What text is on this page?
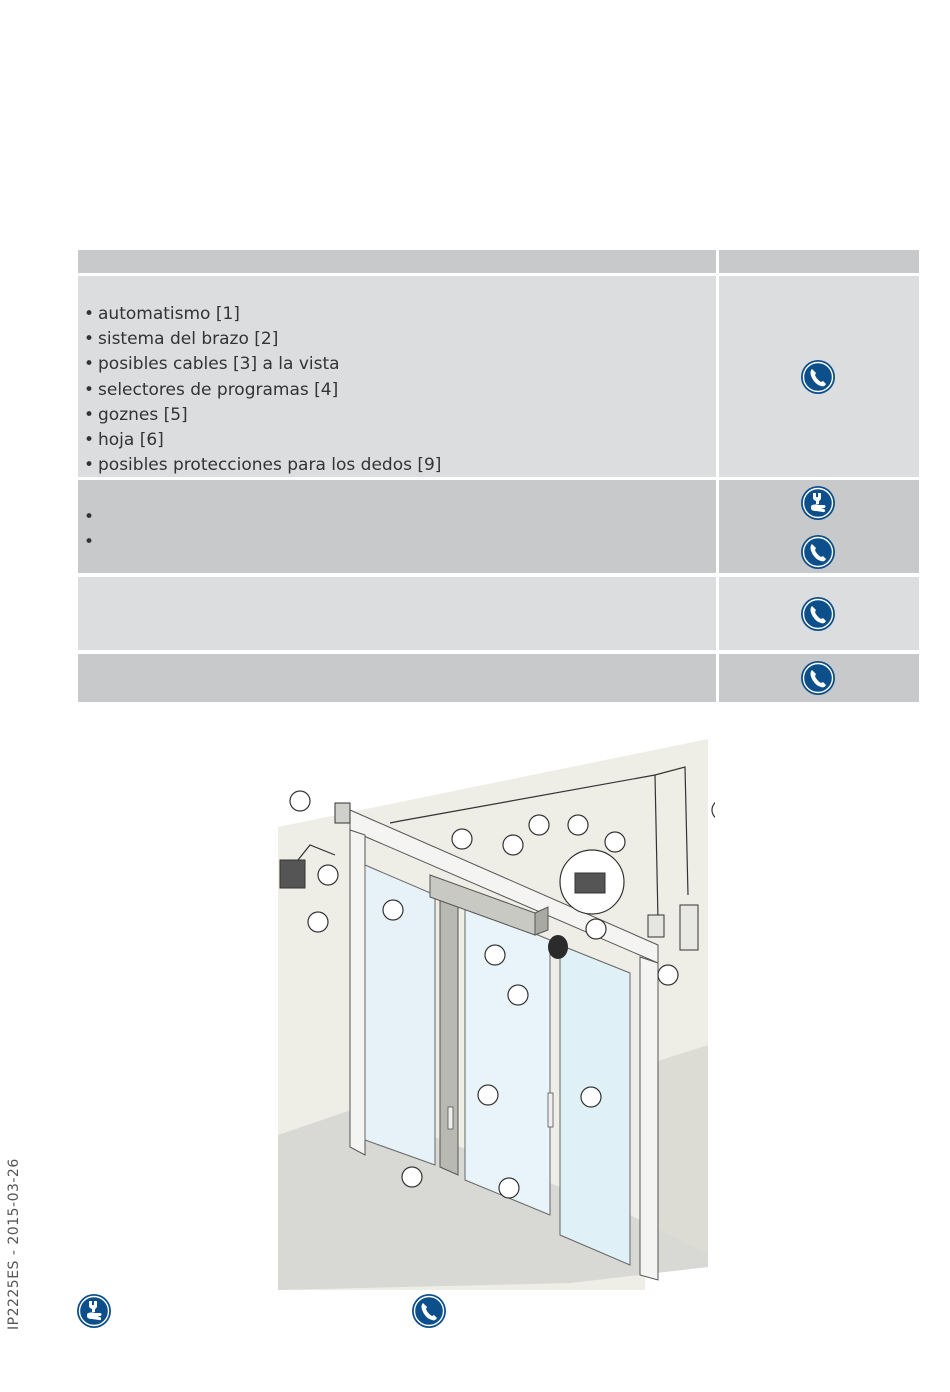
• automatismo [1]
• sistema del brazo [2]
• posibles cables [3] a la vista
• selectores de programas [4]
• goznes [5]
• hoja [6]
• posibles protecciones para los dedos [9]
•
•
IP2225ES - 2015-03-26
